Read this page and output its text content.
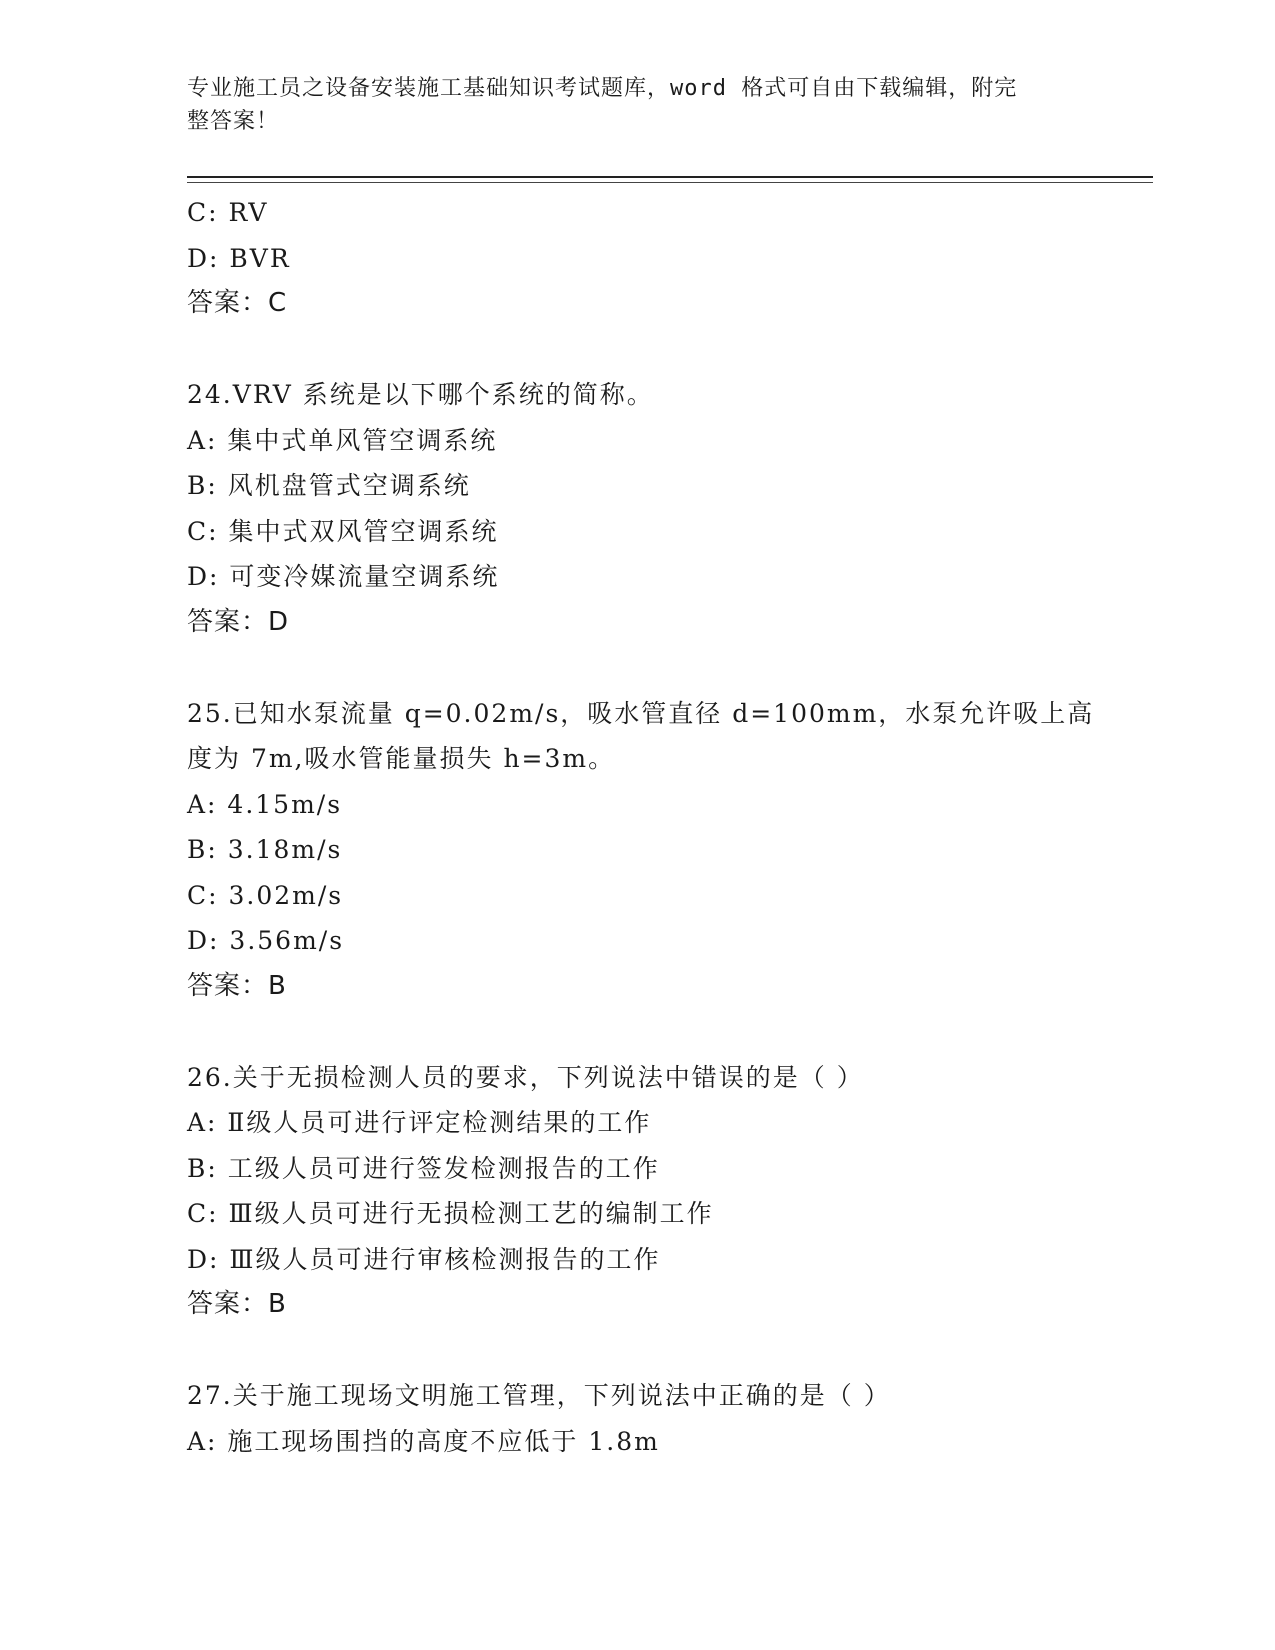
专业施工员之设备安装施工基础知识考试题库，word 格式可自由下载编辑，附完
整答案！
C: RV
D: BVR
答案：C
24.VRV 系统是以下哪个系统的简称。
A: 集中式单风管空调系统
B: 风机盘管式空调系统
C: 集中式双风管空调系统
D: 可变冷媒流量空调系统
答案：D
25.已知水泵流量 q=0.02m/s，吸水管直径 d=100mm，水泵允许吸上高
度为 7m,吸水管能量损失 h=3m。
A: 4.15m/s
B: 3.18m/s
C: 3.02m/s
D: 3.56m/s
答案：B
26.关于无损检测人员的要求，下列说法中错误的是（ ）
A: Ⅱ级人员可进行评定检测结果的工作
B: 工级人员可进行签发检测报告的工作
C: Ⅲ级人员可进行无损检测工艺的编制工作
D: Ⅲ级人员可进行审核检测报告的工作
答案：B
27.关于施工现场文明施工管理，下列说法中正确的是（ ）
A: 施工现场围挡的高度不应低于 1.8m
